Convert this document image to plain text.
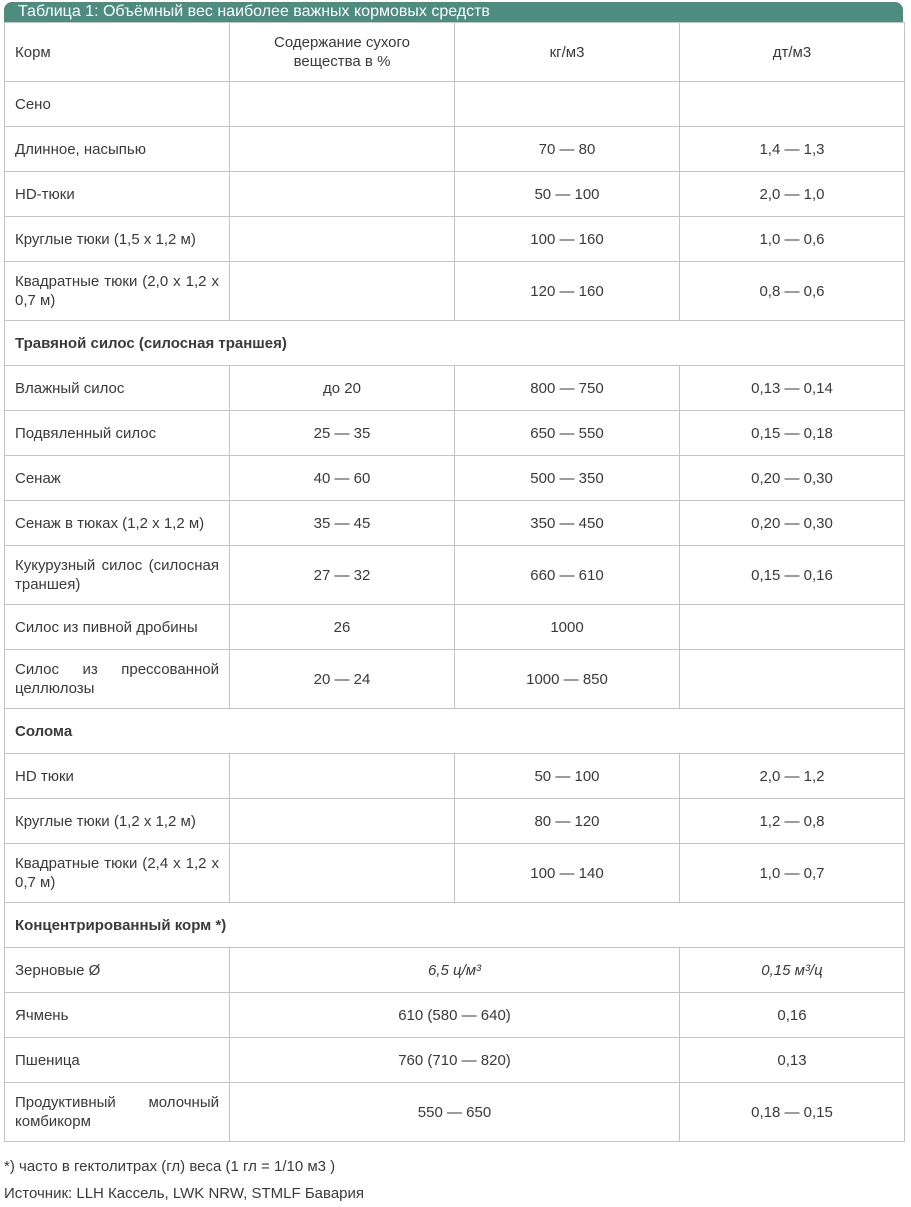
Таблица 1: Объёмный вес наиболее важных кормовых средств
Корм	Содержание сухого вещества в %	кг/м3	дт/м3
Сено			
Длинное, насыпью		70 — 80	1,4 — 1,3
HD-тюки		50 — 100	2,0 — 1,0
Круглые тюки (1,5 х 1,2 м)		100 — 160	1,0 — 0,6
Квадратные тюки (2,0 х 1,2 х 0,7 м)		120 — 160	0,8 — 0,6
Травяной силос (силосная траншея)			
Влажный силос	до 20	800 — 750	0,13 — 0,14
Подвяленный силос	25 — 35	650 — 550	0,15 — 0,18
Сенаж	40 — 60	500 — 350	0,20 — 0,30
Сенаж в тюках (1,2 х 1,2 м)	35 — 45	350 — 450	0,20 — 0,30
Кукурузный силос (силосная траншея)	27 — 32	660 — 610	0,15 — 0,16
Силос из пивной дробины	26	1000	
Силос из прессованной целлюлозы	20 — 24	1000 — 850	
Солома			
HD тюки		50 — 100	2,0 — 1,2
Круглые тюки (1,2 х 1,2 м)		80 — 120	1,2 — 0,8
Квадратные тюки (2,4 х 1,2 х 0,7 м)		100 — 140	1,0 — 0,7
Концентрированный корм *)			
Зерновые Ø	6,5 ц/м³		0,15 м³/ц
Ячмень	610 (580 — 640)		0,16
Пшеница	760 (710 — 820)		0,13
Продуктивный молочный комбикорм	550 — 650		0,18 — 0,15
*) часто в гектолитрах (гл) веса (1 гл = 1/10 м3 )
Источник: LLH Кассель, LWK NRW, STMLF Бавария
